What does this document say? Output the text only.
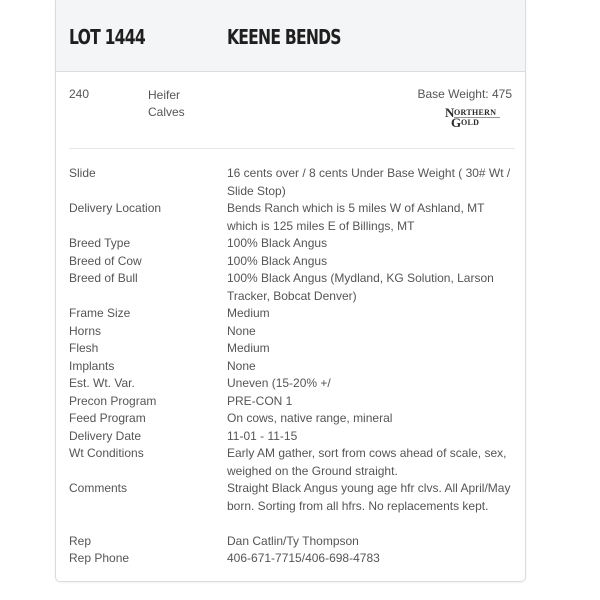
LOT 1444	KEENE BENDS
240	Heifer Calves
Base Weight: 475
N ORTHERN
G OLD
Slide	16 cents over / 8 cents Under Base Weight ( 30# Wt / Slide Stop)
Delivery Location	Bends Ranch which is 5 miles W of Ashland, MT which is 125 miles E of Billings, MT
Breed Type	100% Black Angus
Breed of Cow	100% Black Angus
Breed of Bull	100% Black Angus (Mydland, KG Solution, Larson Tracker, Bobcat Denver)
Frame Size	Medium
Horns	None
Flesh	Medium
Implants	None
Est. Wt. Var.	Uneven (15-20% +/
Precon Program	PRE-CON 1
Feed Program	On cows, native range, mineral
Delivery Date	11-01 - 11-15
Wt Conditions	Early AM gather, sort from cows ahead of scale, sex, weighed on the Ground straight.
Comments	Straight Black Angus young age hfr clvs. All April/May born. Sorting from all hfrs. No replacements kept.
Rep	Dan Catlin/Ty Thompson
Rep Phone	406-671-7715/406-698-4783
